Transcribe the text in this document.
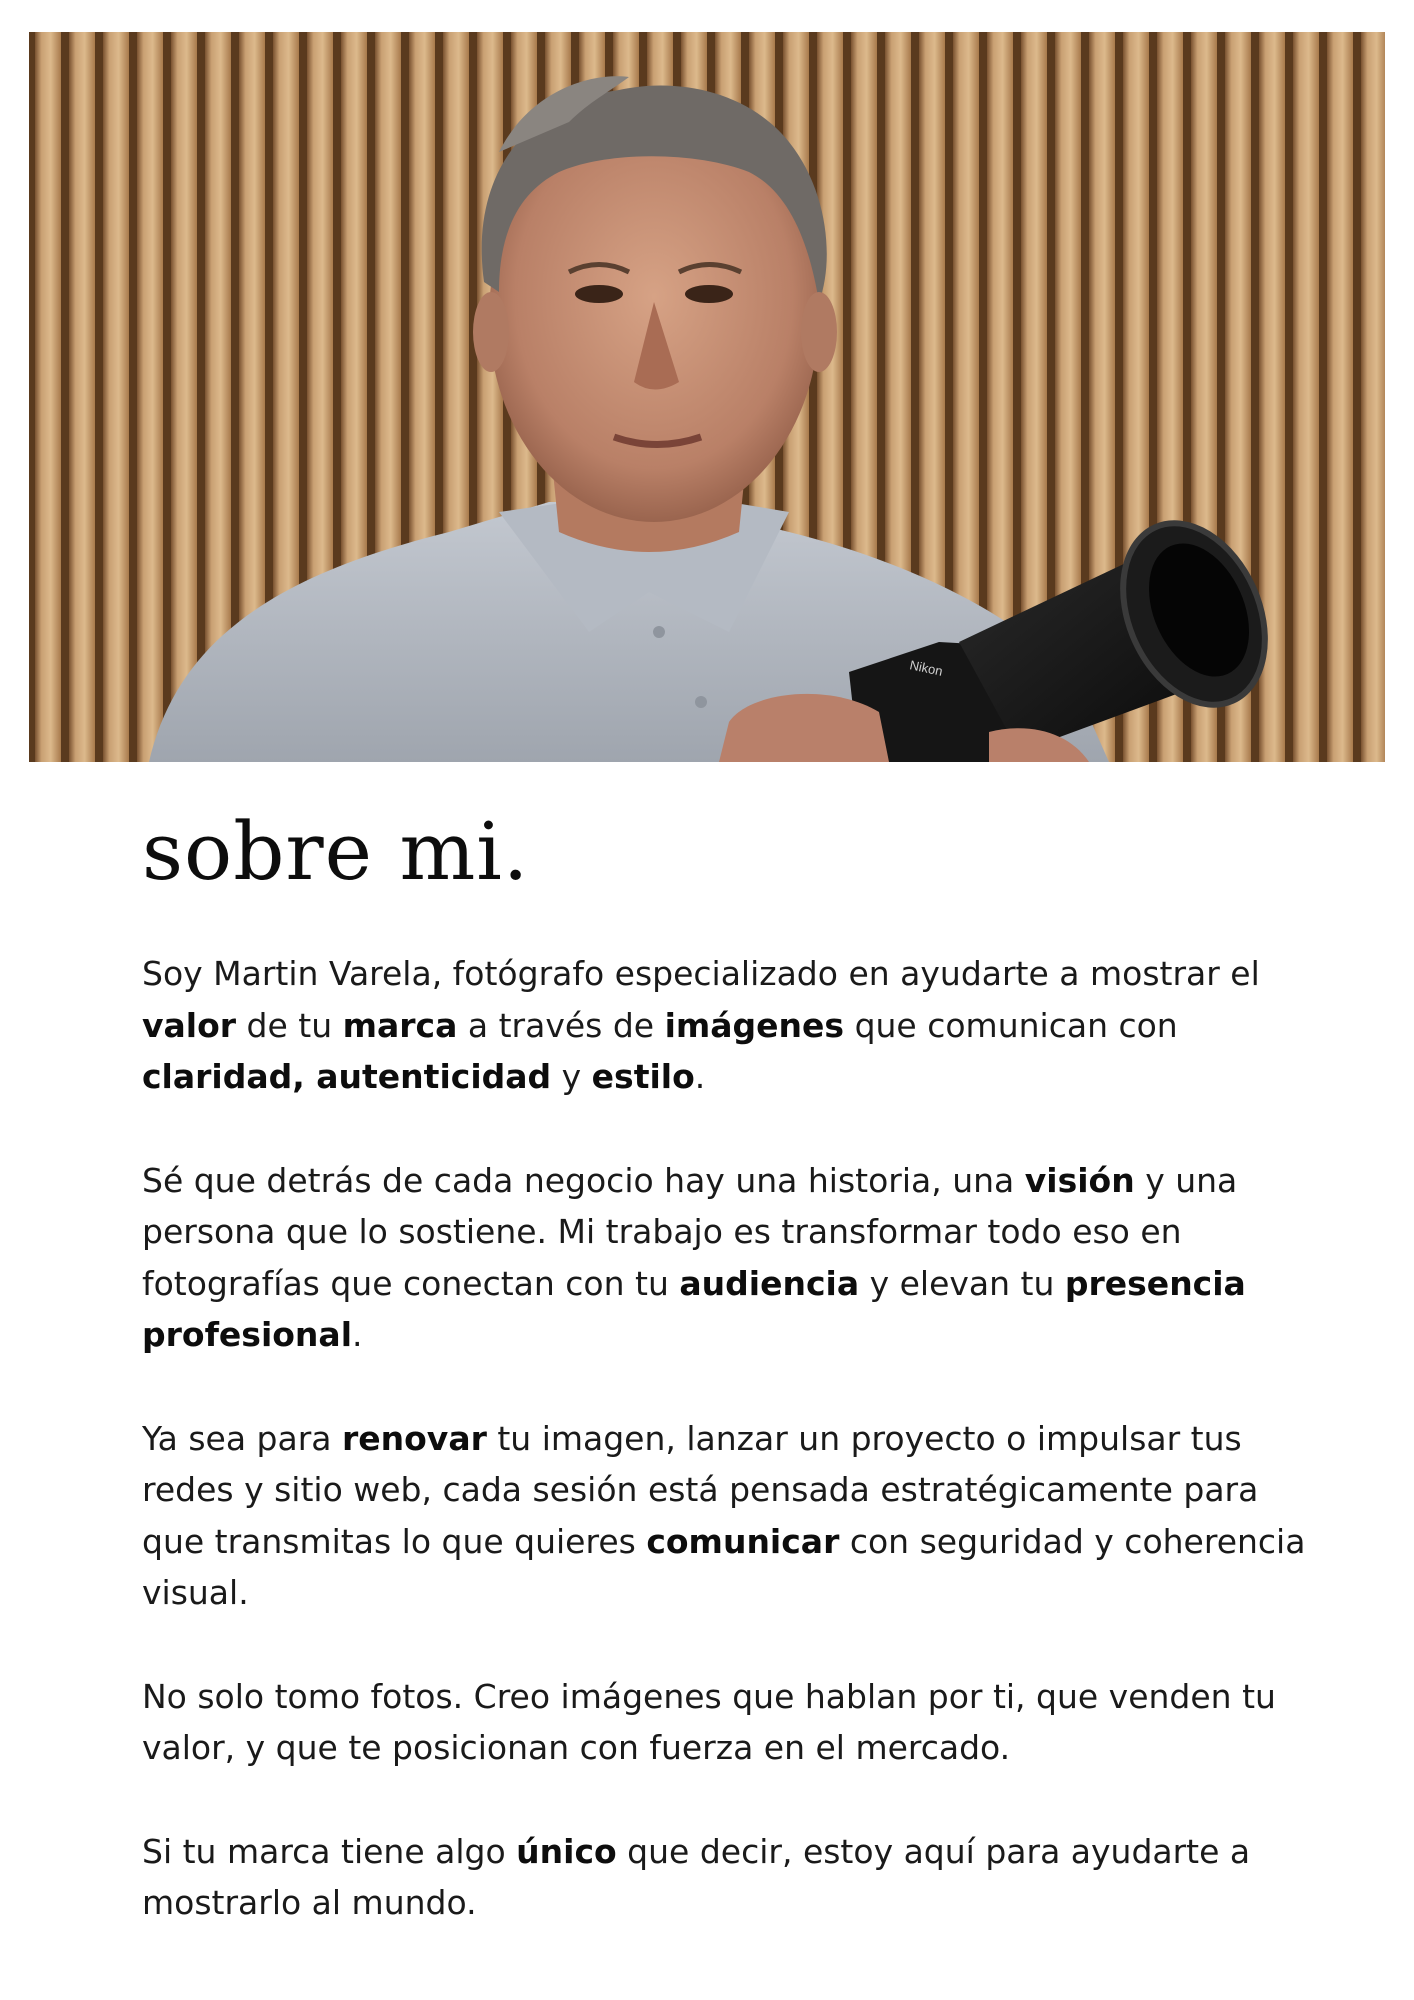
Nikon
sobre mi.

Soy Martin Varela, fotógrafo especializado en ayudarte a mostrar el valor de tu marca a través de imágenes que comunican con claridad, autenticidad y estilo.

Sé que detrás de cada negocio hay una historia, una visión y una persona que lo sostiene. Mi trabajo es transformar todo eso en fotografías que conectan con tu audiencia y elevan tu presencia profesional.

Ya sea para renovar tu imagen, lanzar un proyecto o impulsar tus redes y sitio web, cada sesión está pensada estratégicamente para que transmitas lo que quieres comunicar con seguridad y coherencia visual.

No solo tomo fotos. Creo imágenes que hablan por ti, que venden tu valor, y que te posicionan con fuerza en el mercado.

Si tu marca tiene algo único que decir, estoy aquí para ayudarte a mostrarlo al mundo.
